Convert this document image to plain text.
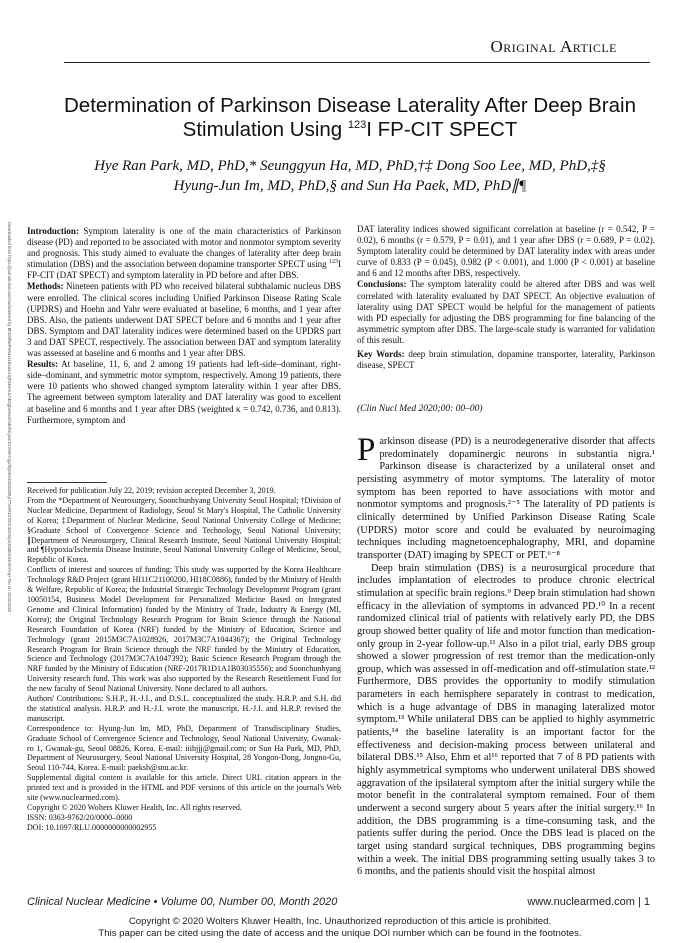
Downloaded from https://journals.lww.com/nuclearmed by BhDMf5ePHKav1zEoum1tQfN4a+kJLhEZgbsIHo4XMi0hCywCX1AWnYQp/IlQrHD3i3D0OdRyi7TvSFl4Cf3VC4/OAVpDDa8KKGKV0Ymy+78= on 10/31/2020
Original Article
Determination of Parkinson Disease Laterality After Deep Brain
Stimulation Using $^{123}$I FP-CIT SPECT
Hye Ran Park, MD, PhD,* Seunggyun Ha, MD, PhD,†‡ Dong Soo Lee, MD, PhD,‡§
Hyung-Jun Im, MD, PhD,§ and Sun Ha Paek, MD, PhD∥¶

Introduction: Symptom laterality is one of the main characteristics of Parkinson disease (PD) and reported to be associated with motor and nonmotor symptom severity and prognosis. This study aimed to evaluate the changes of laterality after deep brain stimulation (DBS) and the association between dopamine transporter SPECT using $^{123}$I FP-CIT (DAT SPECT) and symptom laterality in PD before and after DBS.

Methods: Nineteen patients with PD who received bilateral subthalamic nucleus DBS were enrolled. The clinical scores including Unified Parkinson Disease Rating Scale (UPDRS) and Hoehn and Yahr were evaluated at baseline, 6 months, and 1 year after DBS. Also, the patients underwent DAT SPECT before and 6 months and 1 year after DBS. Symptom and DAT laterality indices were determined based on the UPDRS part 3 and DAT SPECT, respectively. The association between DAT and symptom laterality was assessed at baseline and 6 months and 1 year after DBS.

Results: At baseline, 11, 6, and 2 among 19 patients had left-side–dominant, right-side–dominant, and symmetric motor symptom, respectively. Among 19 patients, there were 10 patients who showed changed symptom laterality within 1 year after DBS. The agreement between symptom laterality and DAT laterality was good to excellent at baseline and 6 months and 1 year after DBS (weighted κ = 0.742, 0.736, and 0.813). Furthermore, symptom and

DAT laterality indices showed significant correlation at baseline (r = 0.542, P = 0.02), 6 months (r = 0.579, P = 0.01), and 1 year after DBS (r = 0.689, P = 0.02). Symptom laterality could be determined by DAT laterality index with areas under curve of 0.833 (P = 0.045), 0.982 (P < 0.001), and 1.000 (P < 0.001) at baseline and 6 and 12 months after DBS, respectively.

Conclusions: The symptom laterality could be altered after DBS and was well correlated with laterality evaluated by DAT SPECT. An objective evaluation of laterality using DAT SPECT would be helpful for the management of patients with PD especially for adjusting the DBS programming for fine balancing of the asymmetric symptom after DBS. The large-scale study is warranted for validation of this result.

Key Words: deep brain stimulation, dopamine transporter, laterality, Parkinson disease, SPECT

(Clin Nucl Med 2020;00: 00–00)

Received for publication July 22, 2019; revision accepted December 3, 2019.

From the *Department of Neurosurgery, Soonchunhyang University Seoul Hospital; †Division of Nuclear Medicine, Department of Radiology, Seoul St Mary's Hospital, The Catholic University of Korea; ‡Department of Nuclear Medicine, Seoul National University College of Medicine; §Graduate School of Convergence Science and Technology, Seoul National University; ∥Department of Neurosurgery, Clinical Research Institute, Seoul National University Hospital; and ¶Hypoxia/Ischemia Disease Institute, Seoul National University College of Medicine, Seoul, Republic of Korea.

Conflicts of interest and sources of funding: This study was supported by the Korea Healthcare Technology R&D Project (grant HI11C21100200, HI18C0886), funded by the Ministry of Health & Welfare, Republic of Korea; the Industrial Strategic Technology Development Program (grant 10050154, Business Model Development for Personalized Medicine Based on Integrated Genome and Clinical Information) funded by the Ministry of Trade, Industry & Energy (MI, Korea); the Original Technology Research Program for Brain Science through the National Research Foundation of Korea (NRF) funded by the Ministry of Education, Science and Technology (grant 2015M3C7A1028926, 2017M3C7A1044367); the Original Technology Research Program for Brain Science through the NRF funded by the Ministry of Education, Science and Technology (2017M3C7A1047392); Basic Science Research Program through the NRF funded by the Ministry of Education (NRF-2017R1D1A1B03035556); and Soonchunhyang University research fund. This work was also supported by the Research Resettlement Fund for the new faculty of Seoul National University. None declared to all authors.

Authors' Contributions: S.H.P., H.-J.I., and D.S.L. conceptualized the study. H.R.P. and S.H. did the statistical analysis. H.R.P. and H.-J.I. wrote the manuscript. H.-J.I. and H.R.P. revised the manuscript.

Correspondence to: Hyung-Jun Im, MD, PhD, Department of Transdisciplinary Studies, Graduate School of Convergence Science and Technology, Seoul National University, Gwanak-ro 1, Gwanak-gu, Seoul 08826, Korea. E-mail: iiihjjj@gmail.com; or Sun Ha Paek, MD, PhD, Department of Neurosurgery, Seoul National University Hospital, 28 Yongon-Dong, Jongno-Gu, Seoul 110-744, Korea. E-mail: paeksh@snu.ac.kr.

Supplemental digital content is available for this article. Direct URL citation appears in the printed text and is provided in the HTML and PDF versions of this article on the journal's Web site (www.nuclearmed.com).

Copyright © 2020 Wolters Kluwer Health, Inc. All rights reserved.

ISSN: 0363-9762/20/0000–0000

DOI: 10.1097/RLU.0000000000002955

Parkinson disease (PD) is a neurodegenerative disorder that affects predominately dopaminergic neurons in substantia nigra.¹ Parkinson disease is characterized by a unilateral onset and persisting asymmetry of motor symptoms. The laterality of motor symptom has been reported to have associations with motor and nonmotor symptoms and prognosis.²⁻⁵ The laterality of PD patients is clinically determined by Unified Parkinson Disease Rating Scale (UPDRS) motor score and could be evaluated by neuroimaging techniques including magnetoencephalography, MRI, and dopamine transporter (DAT) imaging by SPECT or PET.⁶⁻⁸

Deep brain stimulation (DBS) is a neurosurgical procedure that includes implantation of electrodes to produce chronic electrical stimulation at specific brain regions.⁹ Deep brain stimulation had shown efficacy in the alleviation of symptoms in advanced PD.¹⁰ In a recent randomized clinical trial of patients with relatively early PD, the DBS group showed better quality of life and motor function than medication-only group in 2-year follow-up.¹¹ Also in a pilot trial, early DBS group showed a slower progression of rest tremor than the medication-only group, which was assessed in off-medication and off-stimulation state.¹² Furthermore, DBS provides the opportunity to modify stimulation parameters in each hemisphere separately in contrast to medication, which is a huge advantage of DBS in managing lateralized motor symptom.¹³ While unilateral DBS can be applied to highly asymmetric patients,¹⁴ the baseline laterality is an important factor for the effectiveness and decision-making process between unilateral and bilateral DBS.¹⁵ Also, Ehm et al¹⁶ reported that 7 of 8 PD patients with highly asymmetrical symptoms who underwent unilateral DBS showed aggravation of the ipsilateral symptom after the initial surgery while the motor benefit in the contralateral symptom remained. Four of them underwent a second surgery about 5 years after the initial surgery.¹⁶ In addition, the DBS programming is a time-consuming task, and the patients suffer during the period. Once the DBS lead is placed on the target using standard surgical techniques, DBS programming begins within a week. The initial DBS programming setting usually takes 3 to 6 months, and the patients should visit the hospital almost

Clinical Nuclear Medicine • Volume 00, Number 00, Month 2020	www.nuclearmed.com | 1
Copyright © 2020 Wolters Kluwer Health, Inc. Unauthorized reproduction of this article is prohibited.
This paper can be cited using the date of access and the unique DOI number which can be found in the footnotes.
